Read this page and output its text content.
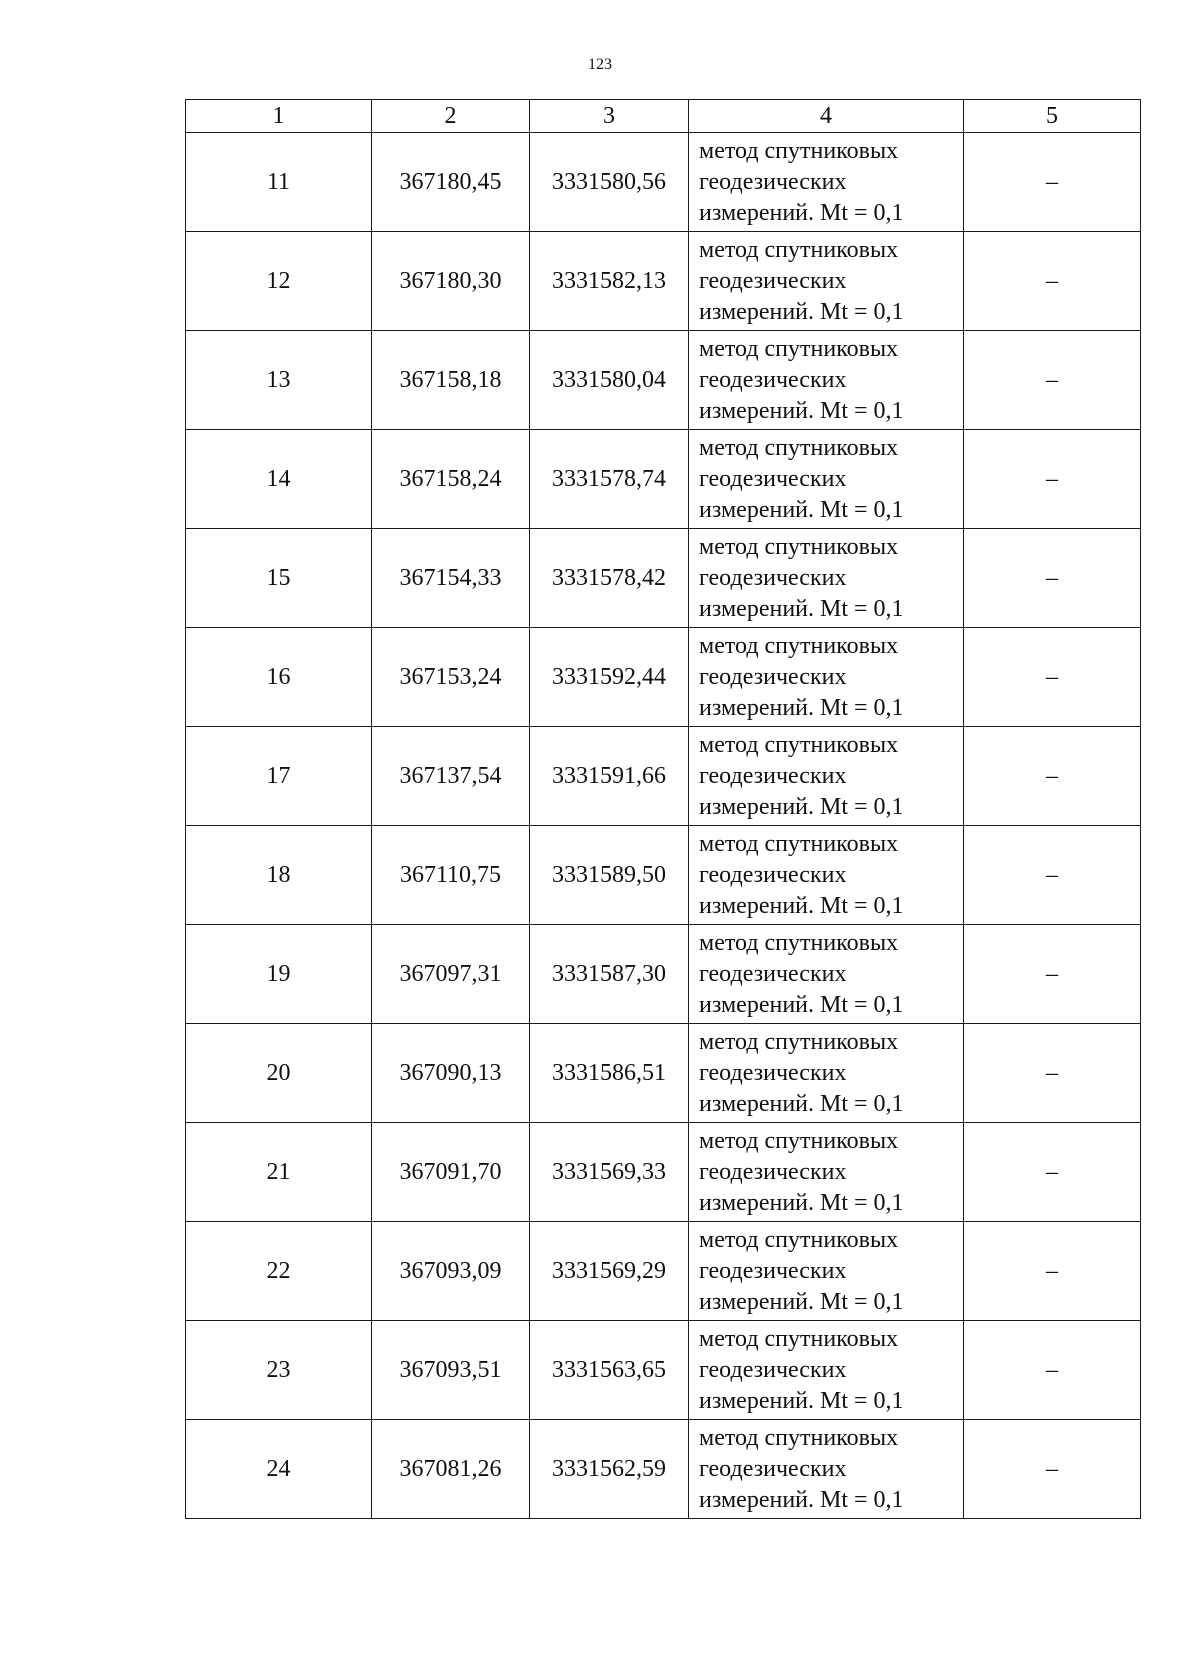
123
1	2	3	4	5
11	367180,45	3331580,56	метод спутниковых
геодезических
измерений. Mt = 0,1	–
12	367180,30	3331582,13	метод спутниковых
геодезических
измерений. Mt = 0,1	–
13	367158,18	3331580,04	метод спутниковых
геодезических
измерений. Mt = 0,1	–
14	367158,24	3331578,74	метод спутниковых
геодезических
измерений. Mt = 0,1	–
15	367154,33	3331578,42	метод спутниковых
геодезических
измерений. Mt = 0,1	–
16	367153,24	3331592,44	метод спутниковых
геодезических
измерений. Mt = 0,1	–
17	367137,54	3331591,66	метод спутниковых
геодезических
измерений. Mt = 0,1	–
18	367110,75	3331589,50	метод спутниковых
геодезических
измерений. Mt = 0,1	–
19	367097,31	3331587,30	метод спутниковых
геодезических
измерений. Mt = 0,1	–
20	367090,13	3331586,51	метод спутниковых
геодезических
измерений. Mt = 0,1	–
21	367091,70	3331569,33	метод спутниковых
геодезических
измерений. Mt = 0,1	–
22	367093,09	3331569,29	метод спутниковых
геодезических
измерений. Mt = 0,1	–
23	367093,51	3331563,65	метод спутниковых
геодезических
измерений. Mt = 0,1	–
24	367081,26	3331562,59	метод спутниковых
геодезических
измерений. Mt = 0,1	–
